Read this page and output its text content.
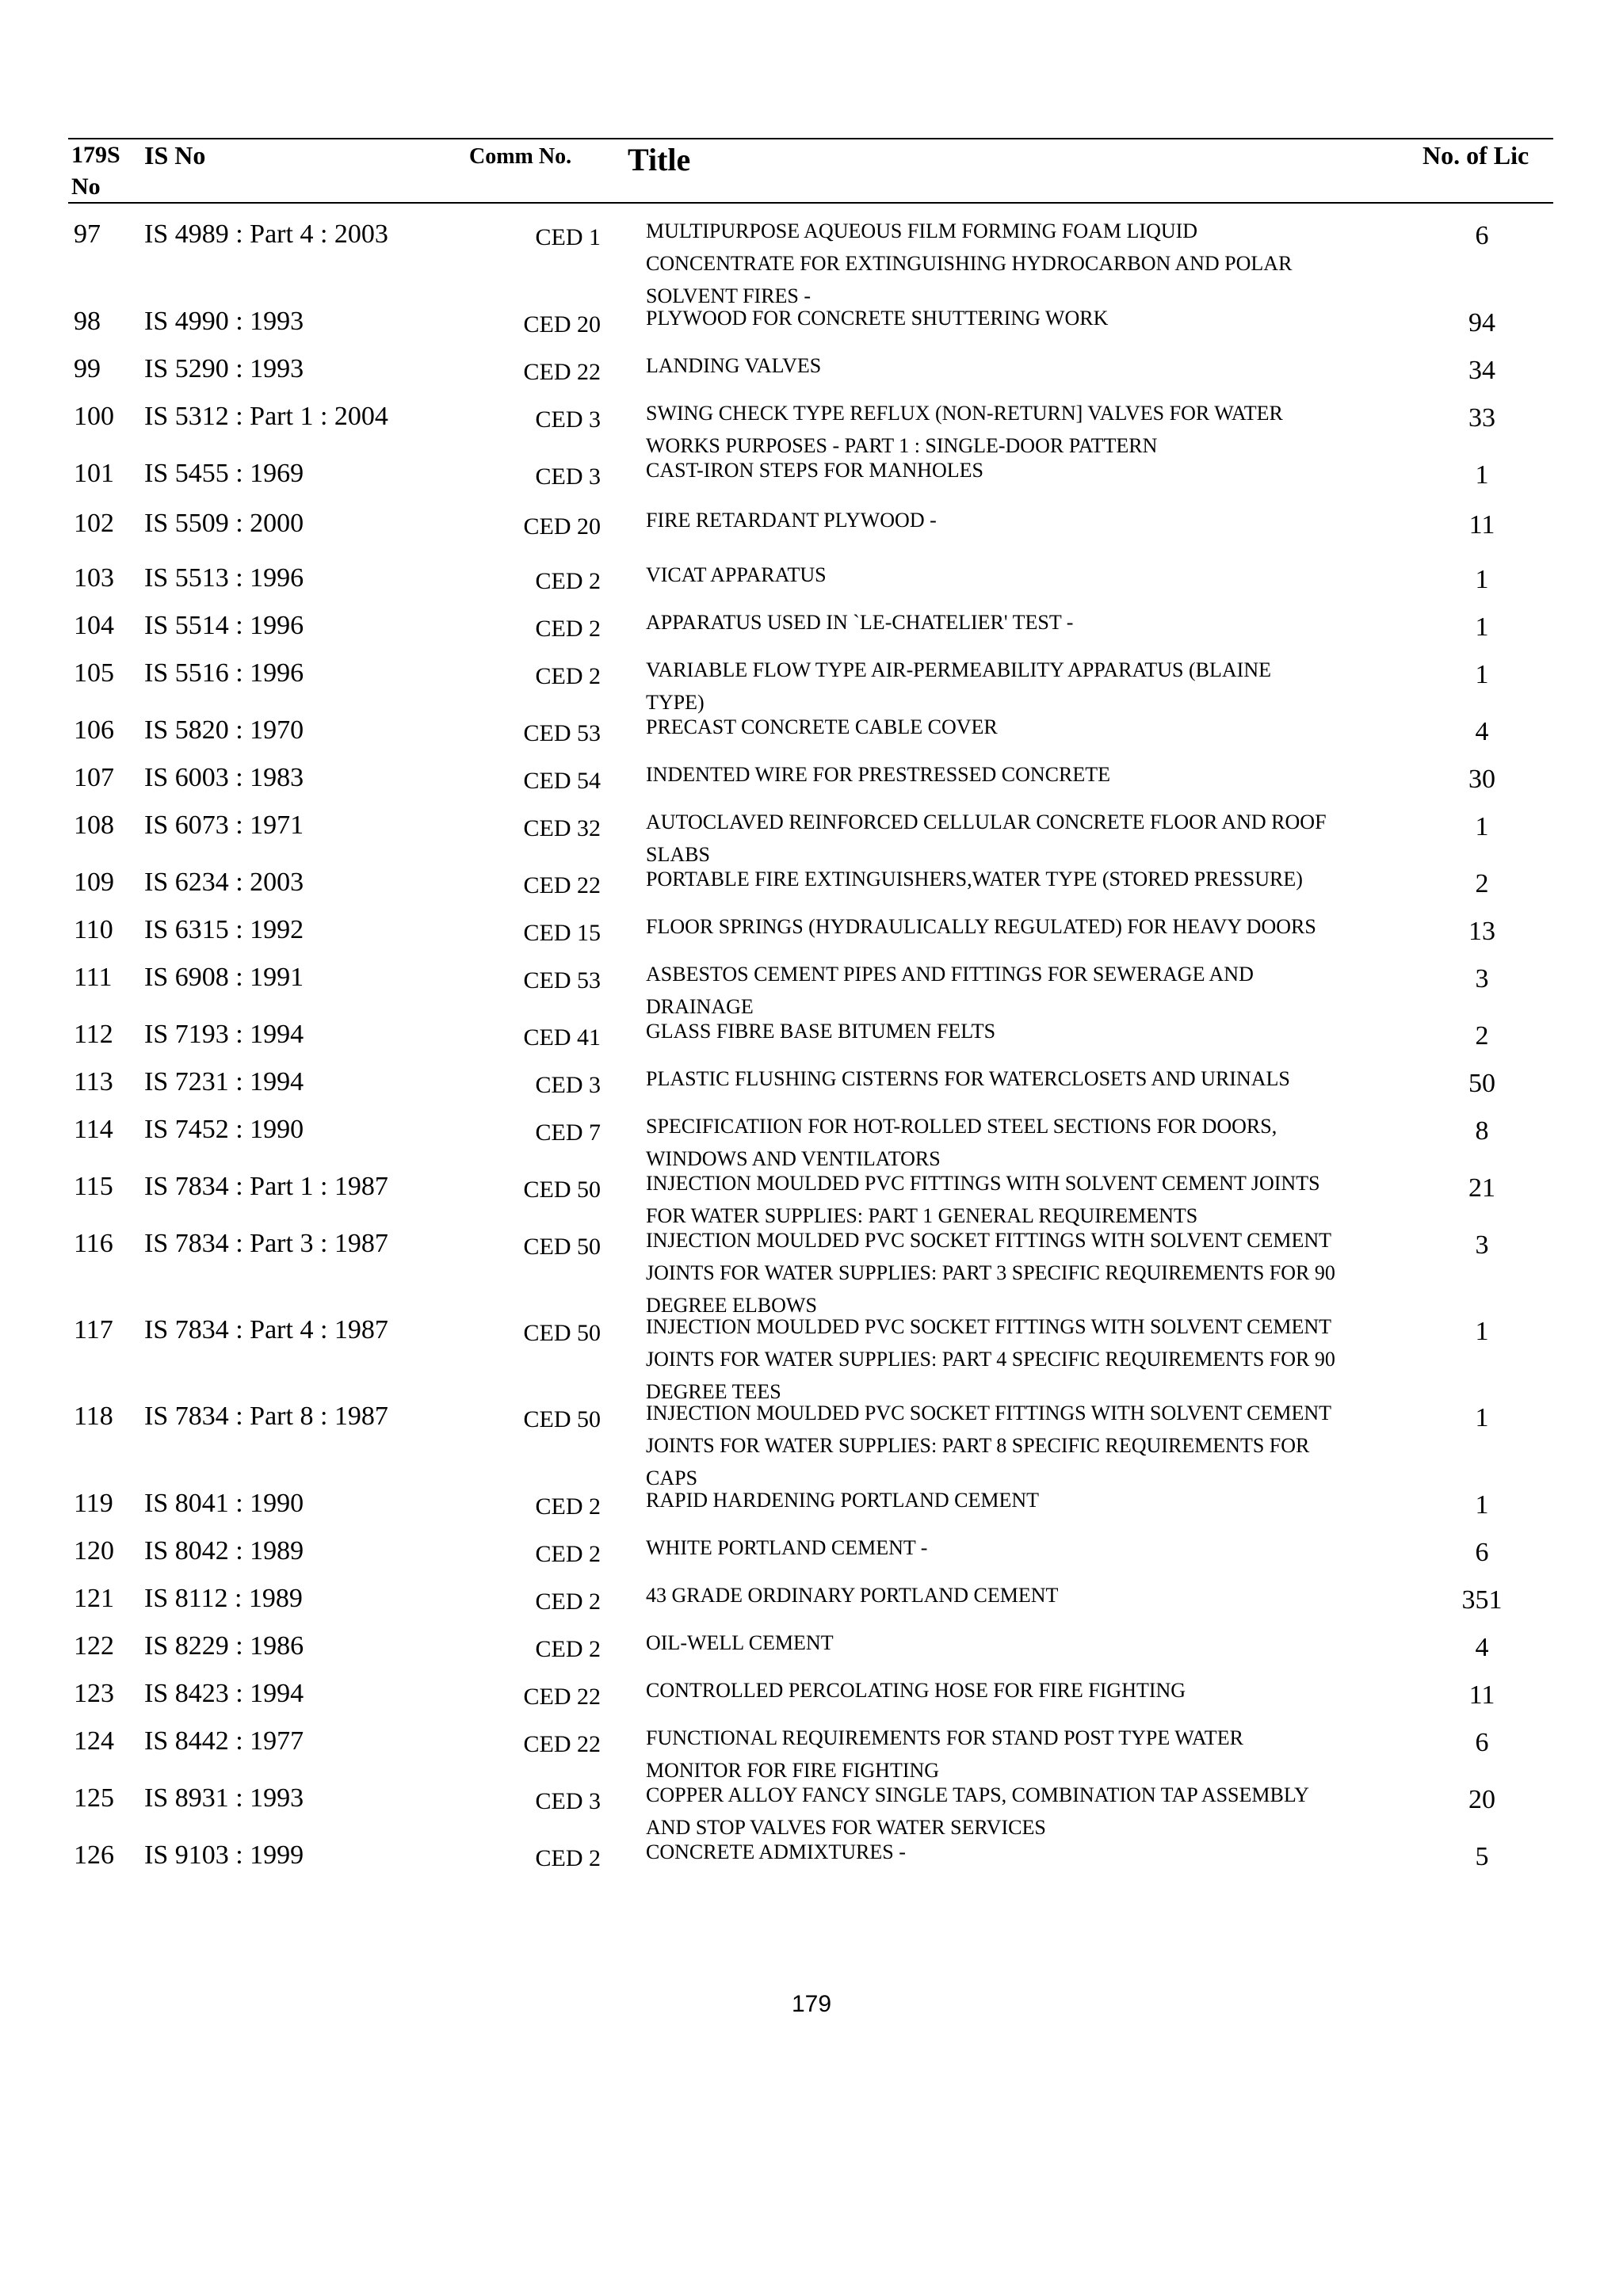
179S
No
IS No	Comm No. Title	No. of Lic
97 IS 4989 : Part 4 : 2003	CED 1 MULTIPURPOSE AQUEOUS FILM FORMING FOAM LIQUID
CONCENTRATE FOR EXTINGUISHING HYDROCARBON AND POLAR
SOLVENT FIRES -
6
98 IS 4990 : 1993	CED 20 PLYWOOD FOR CONCRETE SHUTTERING WORK	94
99 IS 5290 : 1993	CED 22 LANDING VALVES	34
100 IS 5312 : Part 1 : 2004	CED 3 SWING CHECK TYPE REFLUX (NON-RETURN] VALVES FOR WATER
WORKS PURPOSES - PART 1 : SINGLE-DOOR PATTERN
33
101 IS 5455 : 1969	CED 3 CAST-IRON STEPS FOR MANHOLES	1
102 IS 5509 : 2000	CED 20 FIRE RETARDANT PLYWOOD -	11
103 IS 5513 : 1996	CED 2 VICAT APPARATUS	1
104 IS 5514 : 1996	CED 2 APPARATUS USED IN `LE-CHATELIER' TEST -	1
105 IS 5516 : 1996	CED 2 VARIABLE FLOW TYPE AIR-PERMEABILITY APPARATUS (BLAINE
TYPE)
1
106 IS 5820 : 1970	CED 53 PRECAST CONCRETE CABLE COVER	4
107 IS 6003 : 1983	CED 54 INDENTED WIRE FOR PRESTRESSED CONCRETE	30
108 IS 6073 : 1971	CED 32 AUTOCLAVED REINFORCED CELLULAR CONCRETE FLOOR AND ROOF
SLABS
1
109 IS 6234 : 2003	CED 22 PORTABLE FIRE EXTINGUISHERS,WATER TYPE (STORED PRESSURE)	2
110 IS 6315 : 1992	CED 15 FLOOR SPRINGS (HYDRAULICALLY REGULATED) FOR HEAVY DOORS	13
111 IS 6908 : 1991	CED 53 ASBESTOS CEMENT PIPES AND FITTINGS FOR SEWERAGE AND
DRAINAGE
3
112 IS 7193 : 1994	CED 41 GLASS FIBRE BASE BITUMEN FELTS	2
113 IS 7231 : 1994	CED 3 PLASTIC FLUSHING CISTERNS FOR WATERCLOSETS AND URINALS	50
114 IS 7452 : 1990	CED 7 SPECIFICATIION FOR HOT-ROLLED STEEL SECTIONS FOR DOORS,
WINDOWS AND VENTILATORS
8
115 IS 7834 : Part 1 : 1987	CED 50 INJECTION MOULDED PVC FITTINGS WITH SOLVENT CEMENT JOINTS
FOR WATER SUPPLIES: PART 1 GENERAL REQUIREMENTS
21
116 IS 7834 : Part 3 : 1987	CED 50 INJECTION MOULDED PVC SOCKET FITTINGS WITH SOLVENT CEMENT
JOINTS FOR WATER SUPPLIES: PART 3 SPECIFIC REQUIREMENTS FOR 90
DEGREE ELBOWS
3
117 IS 7834 : Part 4 : 1987	CED 50 INJECTION MOULDED PVC SOCKET FITTINGS WITH SOLVENT CEMENT
JOINTS FOR WATER SUPPLIES: PART 4 SPECIFIC REQUIREMENTS FOR 90
DEGREE TEES
1
118 IS 7834 : Part 8 : 1987	CED 50 INJECTION MOULDED PVC SOCKET FITTINGS WITH SOLVENT CEMENT
JOINTS FOR WATER SUPPLIES: PART 8 SPECIFIC REQUIREMENTS FOR
CAPS
1
119 IS 8041 : 1990	CED 2 RAPID HARDENING PORTLAND CEMENT	1
120 IS 8042 : 1989	CED 2 WHITE PORTLAND CEMENT -	6
121 IS 8112 : 1989	CED 2 43 GRADE ORDINARY PORTLAND CEMENT	351
122 IS 8229 : 1986	CED 2 OIL-WELL CEMENT	4
123 IS 8423 : 1994	CED 22 CONTROLLED PERCOLATING HOSE FOR FIRE FIGHTING	11
124 IS 8442 : 1977	CED 22 FUNCTIONAL REQUIREMENTS FOR STAND POST TYPE WATER
MONITOR FOR FIRE FIGHTING
6
125 IS 8931 : 1993	CED 3 COPPER ALLOY FANCY SINGLE TAPS, COMBINATION TAP ASSEMBLY
AND STOP VALVES FOR WATER SERVICES
20
126 IS 9103 : 1999	CED 2 CONCRETE ADMIXTURES -	5
179
